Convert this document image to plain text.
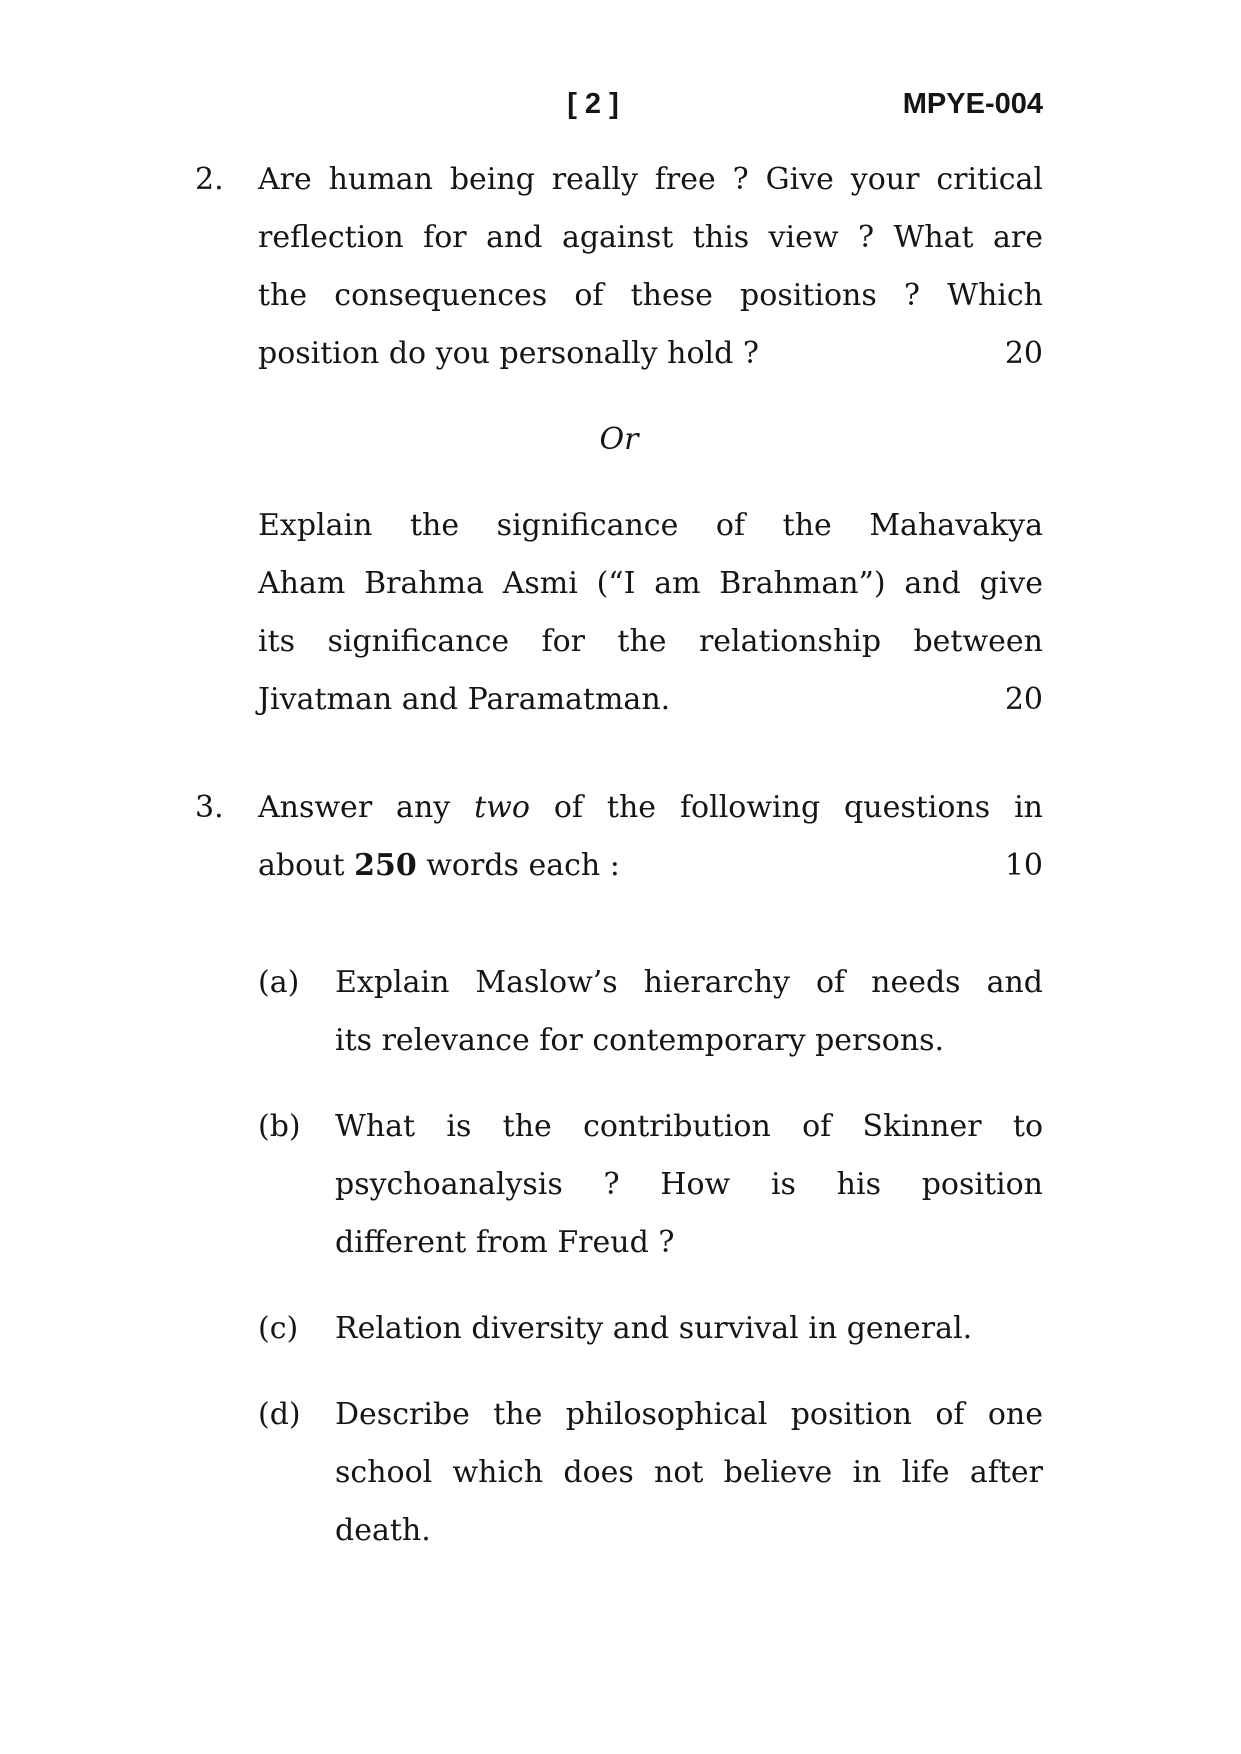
[ 2 ]	MPYE-004
2.	Are human being really free ? Give your critical
reflection for and against this view ? What are
the consequences of these positions ? Which
20
position do you personally hold ?
Or
Explain the significance of the Mahavakya
Aham Brahma Asmi (“I am Brahman”) and give
its significance for the relationship between
20
Jivatman and Paramatman.
3.	Answer any two of the following questions in
10
about 250 words each :
(a)	Explain Maslow’s hierarchy of needs and
its relevance for contemporary persons.
(b)	What is the contribution of Skinner to
psychoanalysis ? How is his position
different from Freud ?
(c)	Relation diversity and survival in general.
(d)	Describe the philosophical position of one
school which does not believe in life after
death.
